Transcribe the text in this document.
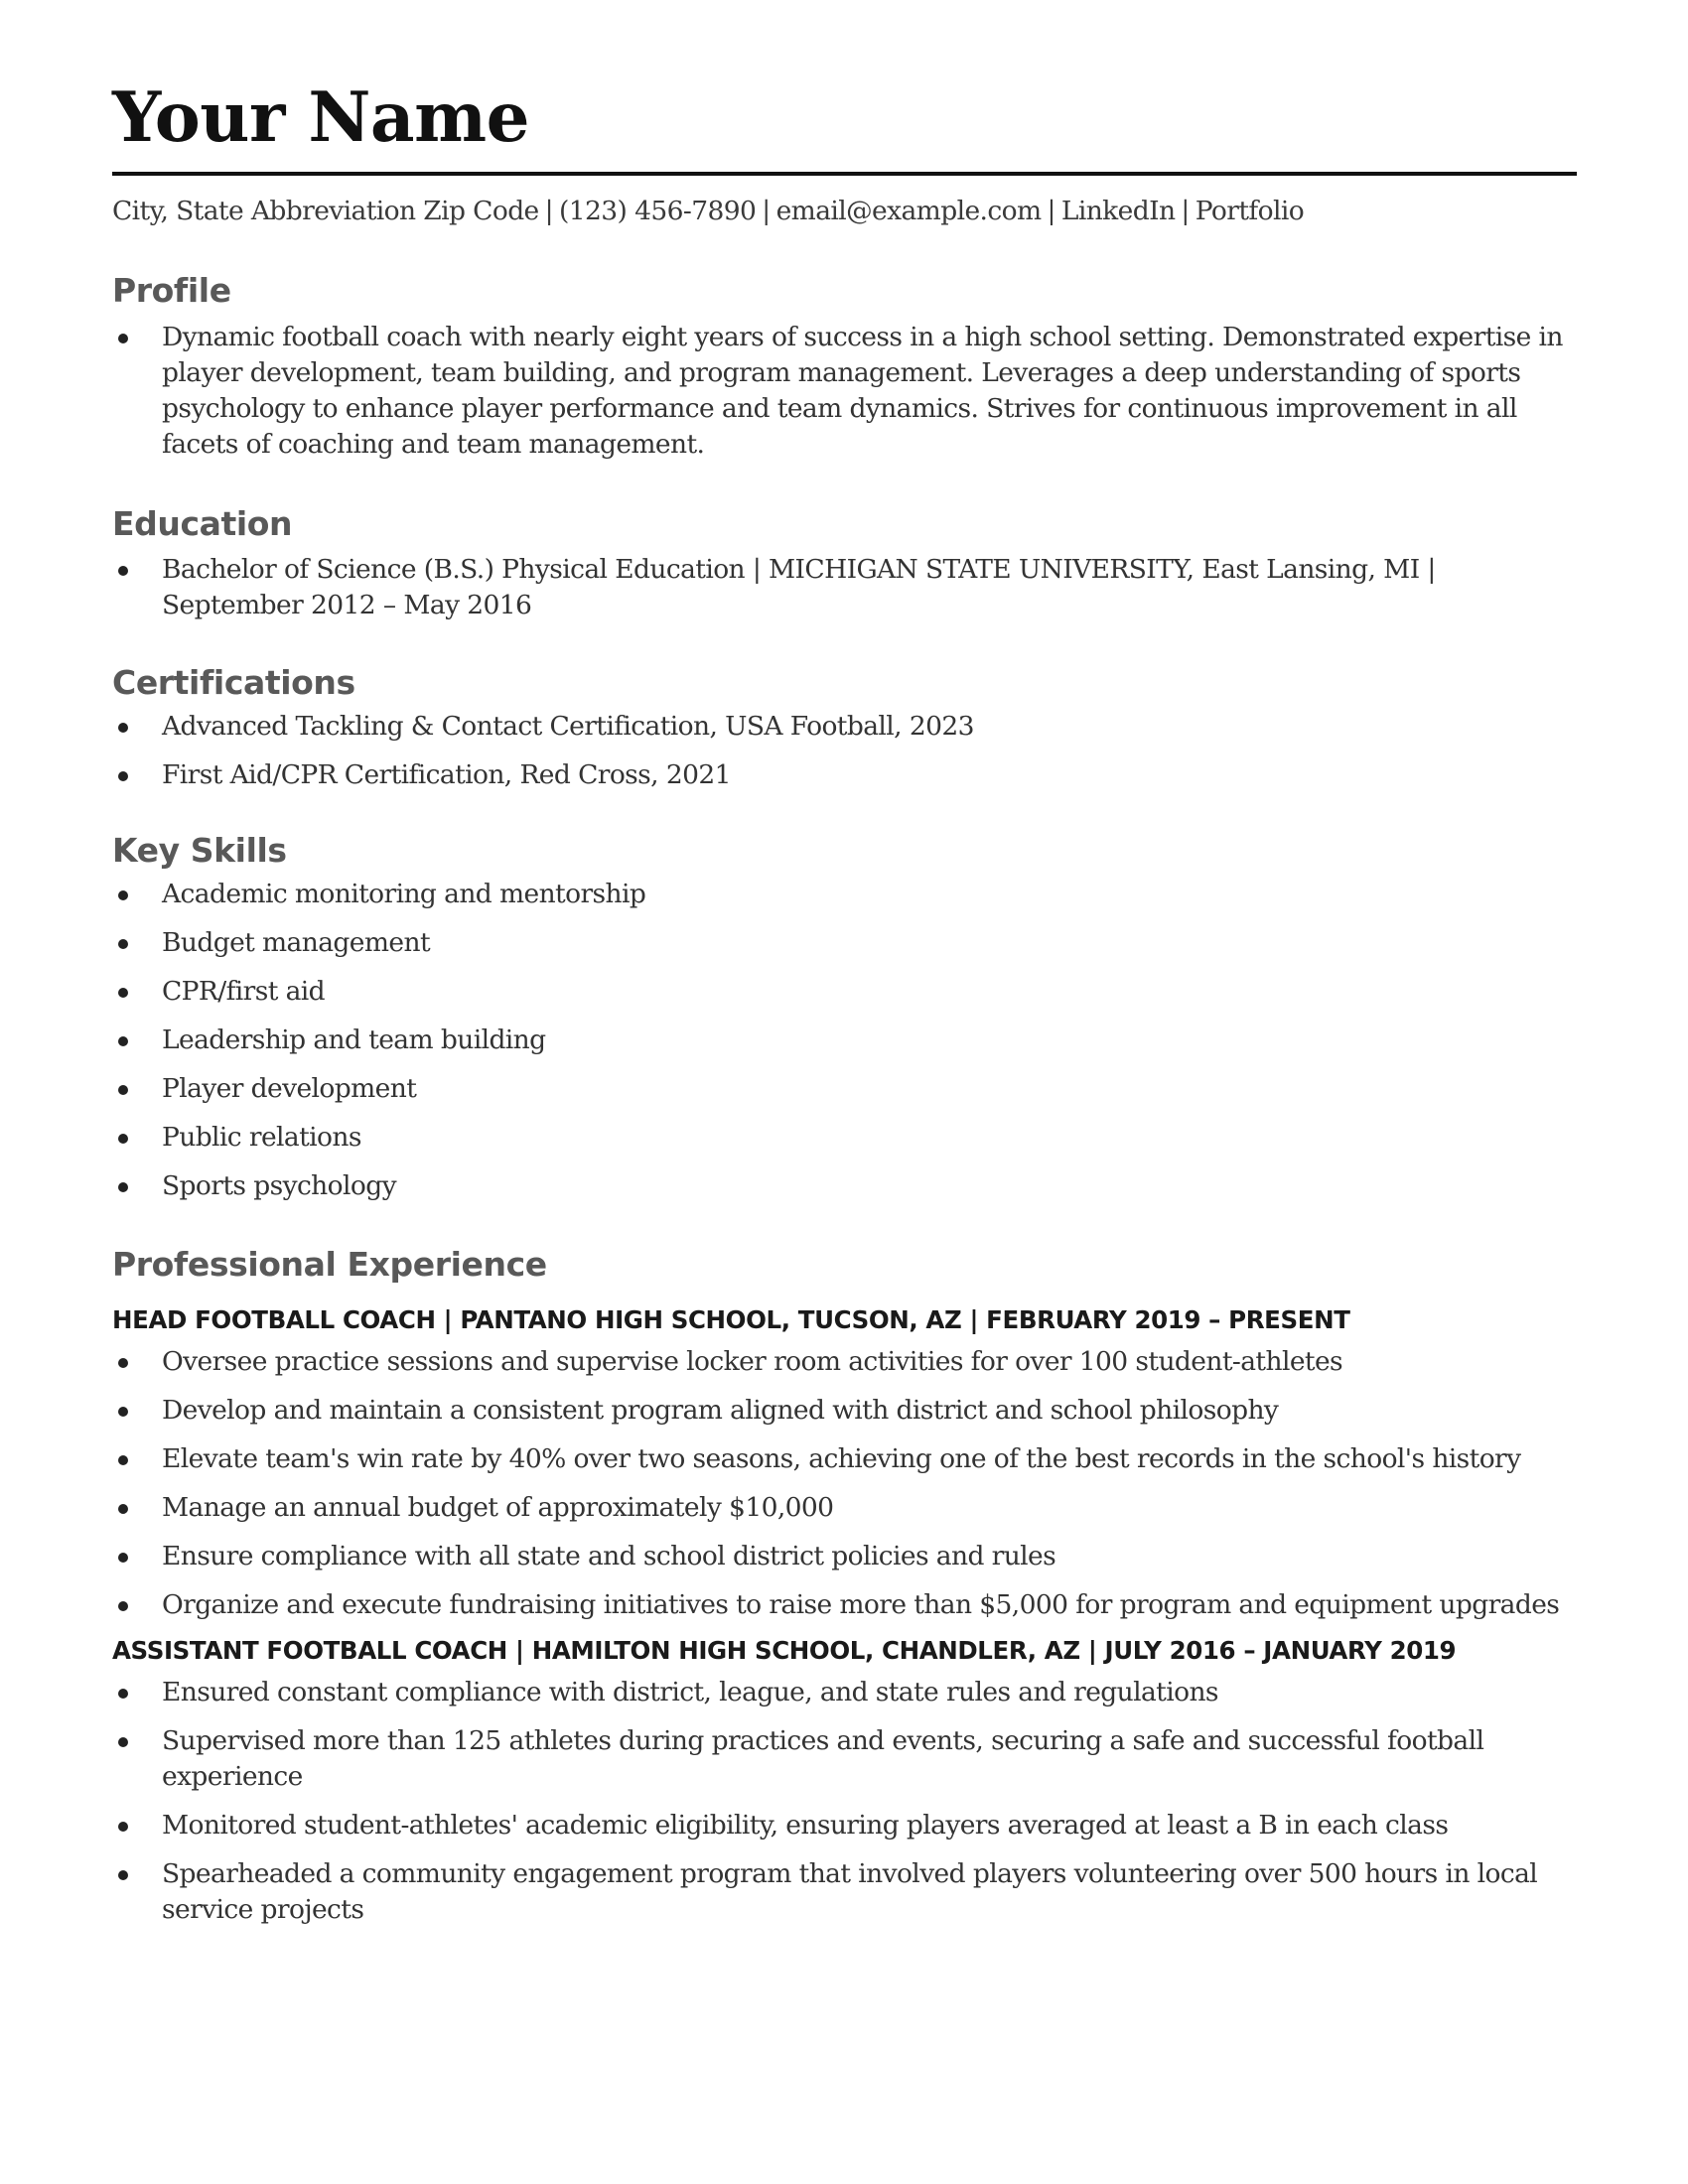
Your Name
City, State Abbreviation Zip Code | (123) 456-7890 | email@example.com | LinkedIn | Portfolio
Profile
Dynamic football coach with nearly eight years of success in a high school setting. Demonstrated expertise in player development, team building, and program management. Leverages a deep understanding of sports psychology to enhance player performance and team dynamics. Strives for continuous improvement in all facets of coaching and team management.
Education
Bachelor of Science (B.S.) Physical Education | MICHIGAN STATE UNIVERSITY, East Lansing, MI | September 2012 – May 2016
Certifications
Advanced Tackling & Contact Certification, USA Football, 2023
First Aid/CPR Certification, Red Cross, 2021
Key Skills
Academic monitoring and mentorship
Budget management
CPR/first aid
Leadership and team building
Player development
Public relations
Sports psychology
Professional Experience
HEAD FOOTBALL COACH | PANTANO HIGH SCHOOL, TUCSON, AZ | FEBRUARY 2019 – PRESENT
Oversee practice sessions and supervise locker room activities for over 100 student-athletes
Develop and maintain a consistent program aligned with district and school philosophy
Elevate team's win rate by 40% over two seasons, achieving one of the best records in the school's history
Manage an annual budget of approximately $10,000
Ensure compliance with all state and school district policies and rules
Organize and execute fundraising initiatives to raise more than $5,000 for program and equipment upgrades
ASSISTANT FOOTBALL COACH | HAMILTON HIGH SCHOOL, CHANDLER, AZ | JULY 2016 – JANUARY 2019
Ensured constant compliance with district, league, and state rules and regulations
Supervised more than 125 athletes during practices and events, securing a safe and successful football experience
Monitored student-athletes' academic eligibility, ensuring players averaged at least a B in each class
Spearheaded a community engagement program that involved players volunteering over 500 hours in local service projects
